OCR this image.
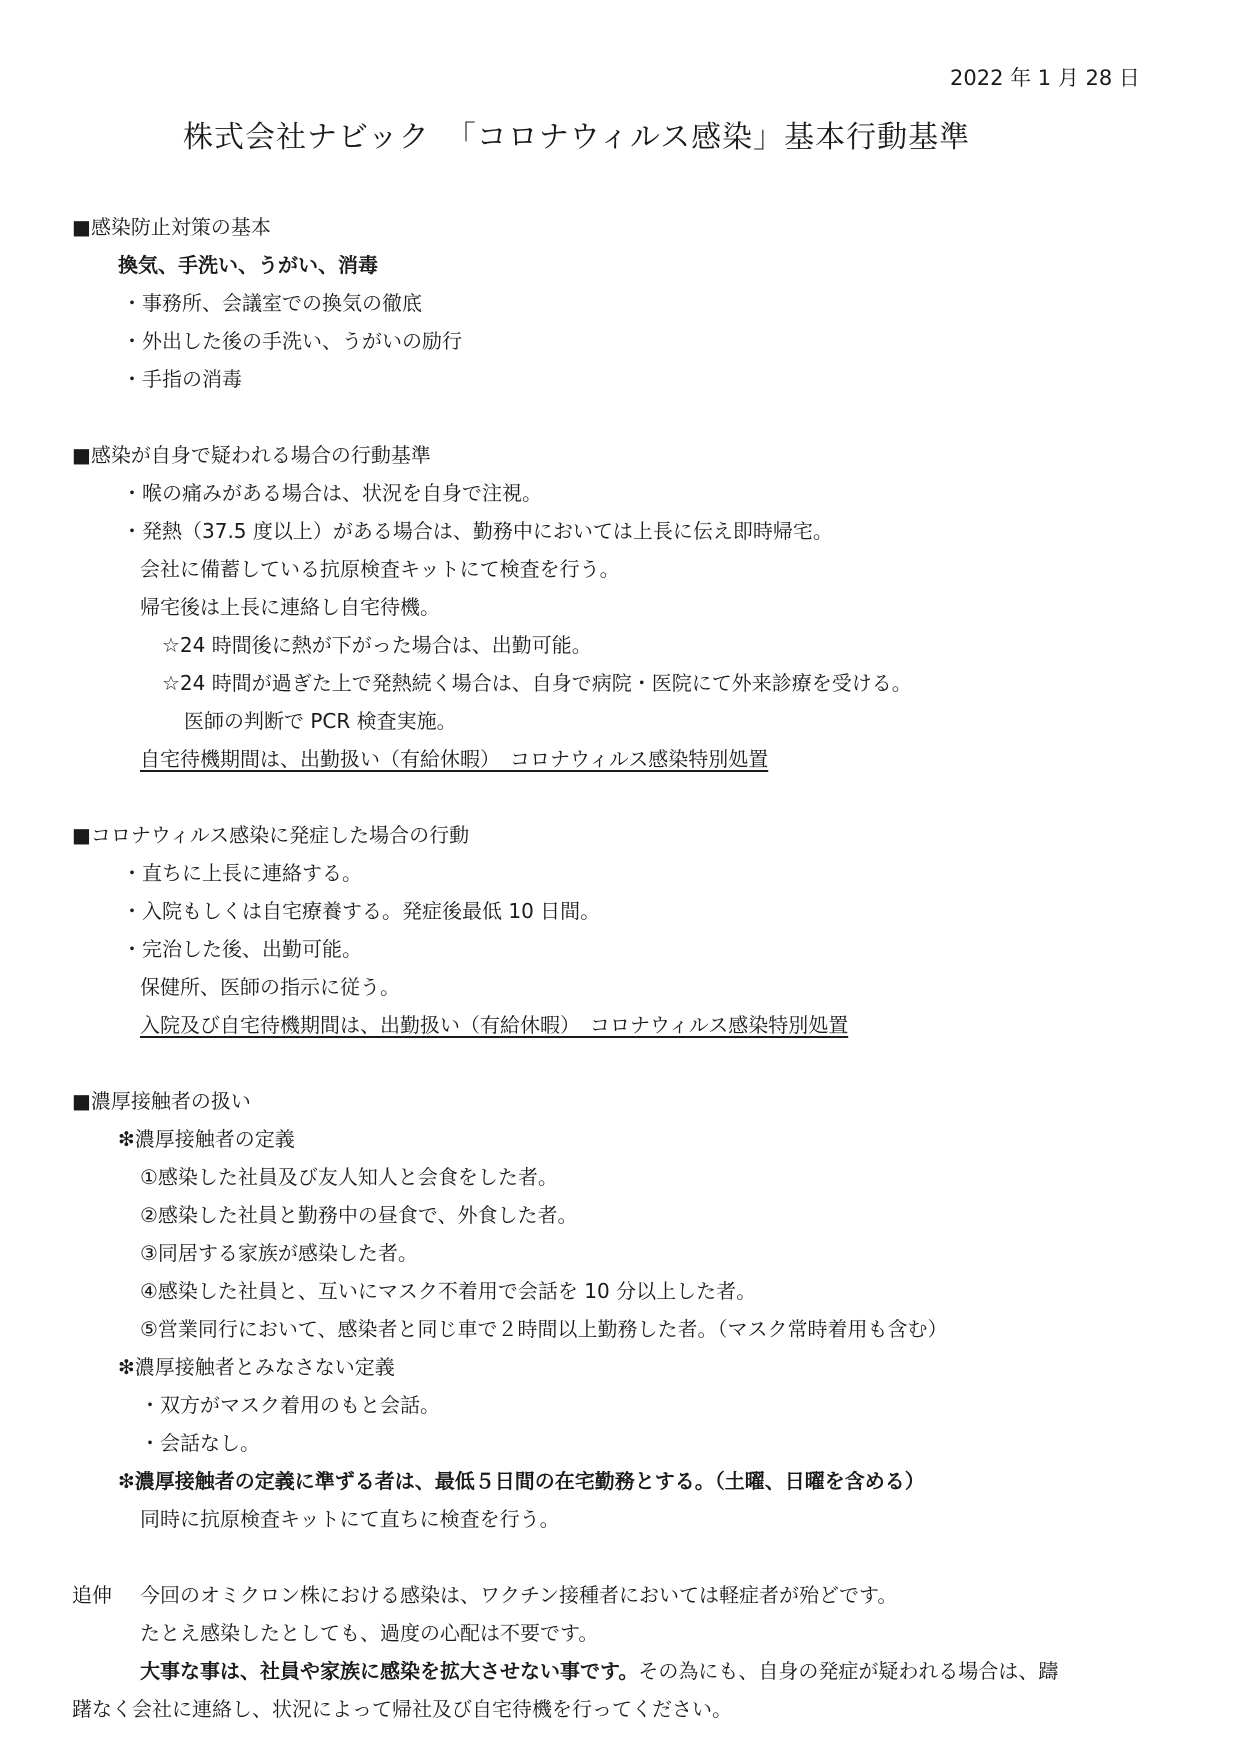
2022 年 1 月 28 日
株式会社ナビック　「コロナウィルス感染」基本行動基準
■感染防止対策の基本
換気、手洗い、うがい、消毒
・事務所、会議室での換気の徹底
・外出した後の手洗い、うがいの励行
・手指の消毒
■感染が自身で疑われる場合の行動基準
・喉の痛みがある場合は、状況を自身で注視。
・発熱（37.5 度以上）がある場合は、勤務中においては上長に伝え即時帰宅。
会社に備蓄している抗原検査キットにて検査を行う。
帰宅後は上長に連絡し自宅待機。
☆24 時間後に熱が下がった場合は、出勤可能。
☆24 時間が過ぎた上で発熱続く場合は、自身で病院・医院にて外来診療を受ける。
医師の判断で PCR 検査実施。
自宅待機期間は、出勤扱い（有給休暇）　コロナウィルス感染特別処置
■コロナウィルス感染に発症した場合の行動
・直ちに上長に連絡する。
・入院もしくは自宅療養する。発症後最低 10 日間。
・完治した後、出勤可能。
保健所、医師の指示に従う。
入院及び自宅待機期間は、出勤扱い（有給休暇）　コロナウィルス感染特別処置
■濃厚接触者の扱い
❇濃厚接触者の定義
①感染した社員及び友人知人と会食をした者。
②感染した社員と勤務中の昼食で、外食した者。
③同居する家族が感染した者。
④感染した社員と、互いにマスク不着用で会話を 10 分以上した者。
⑤営業同行において、感染者と同じ車で２時間以上勤務した者。（マスク常時着用も含む）
❇濃厚接触者とみなさない定義
・双方がマスク着用のもと会話。
・会話なし。
❇濃厚接触者の定義に準ずる者は、最低５日間の在宅勤務とする。（土曜、日曜を含める）
同時に抗原検査キットにて直ちに検査を行う。
追伸 今回のオミクロン株における感染は、ワクチン接種者においては軽症者が殆どです。
たとえ感染したとしても、過度の心配は不要です。
大事な事は、社員や家族に感染を拡大させない事です。その為にも、自身の発症が疑われる場合は、躊
躇なく会社に連絡し、状況によって帰社及び自宅待機を行ってください。
